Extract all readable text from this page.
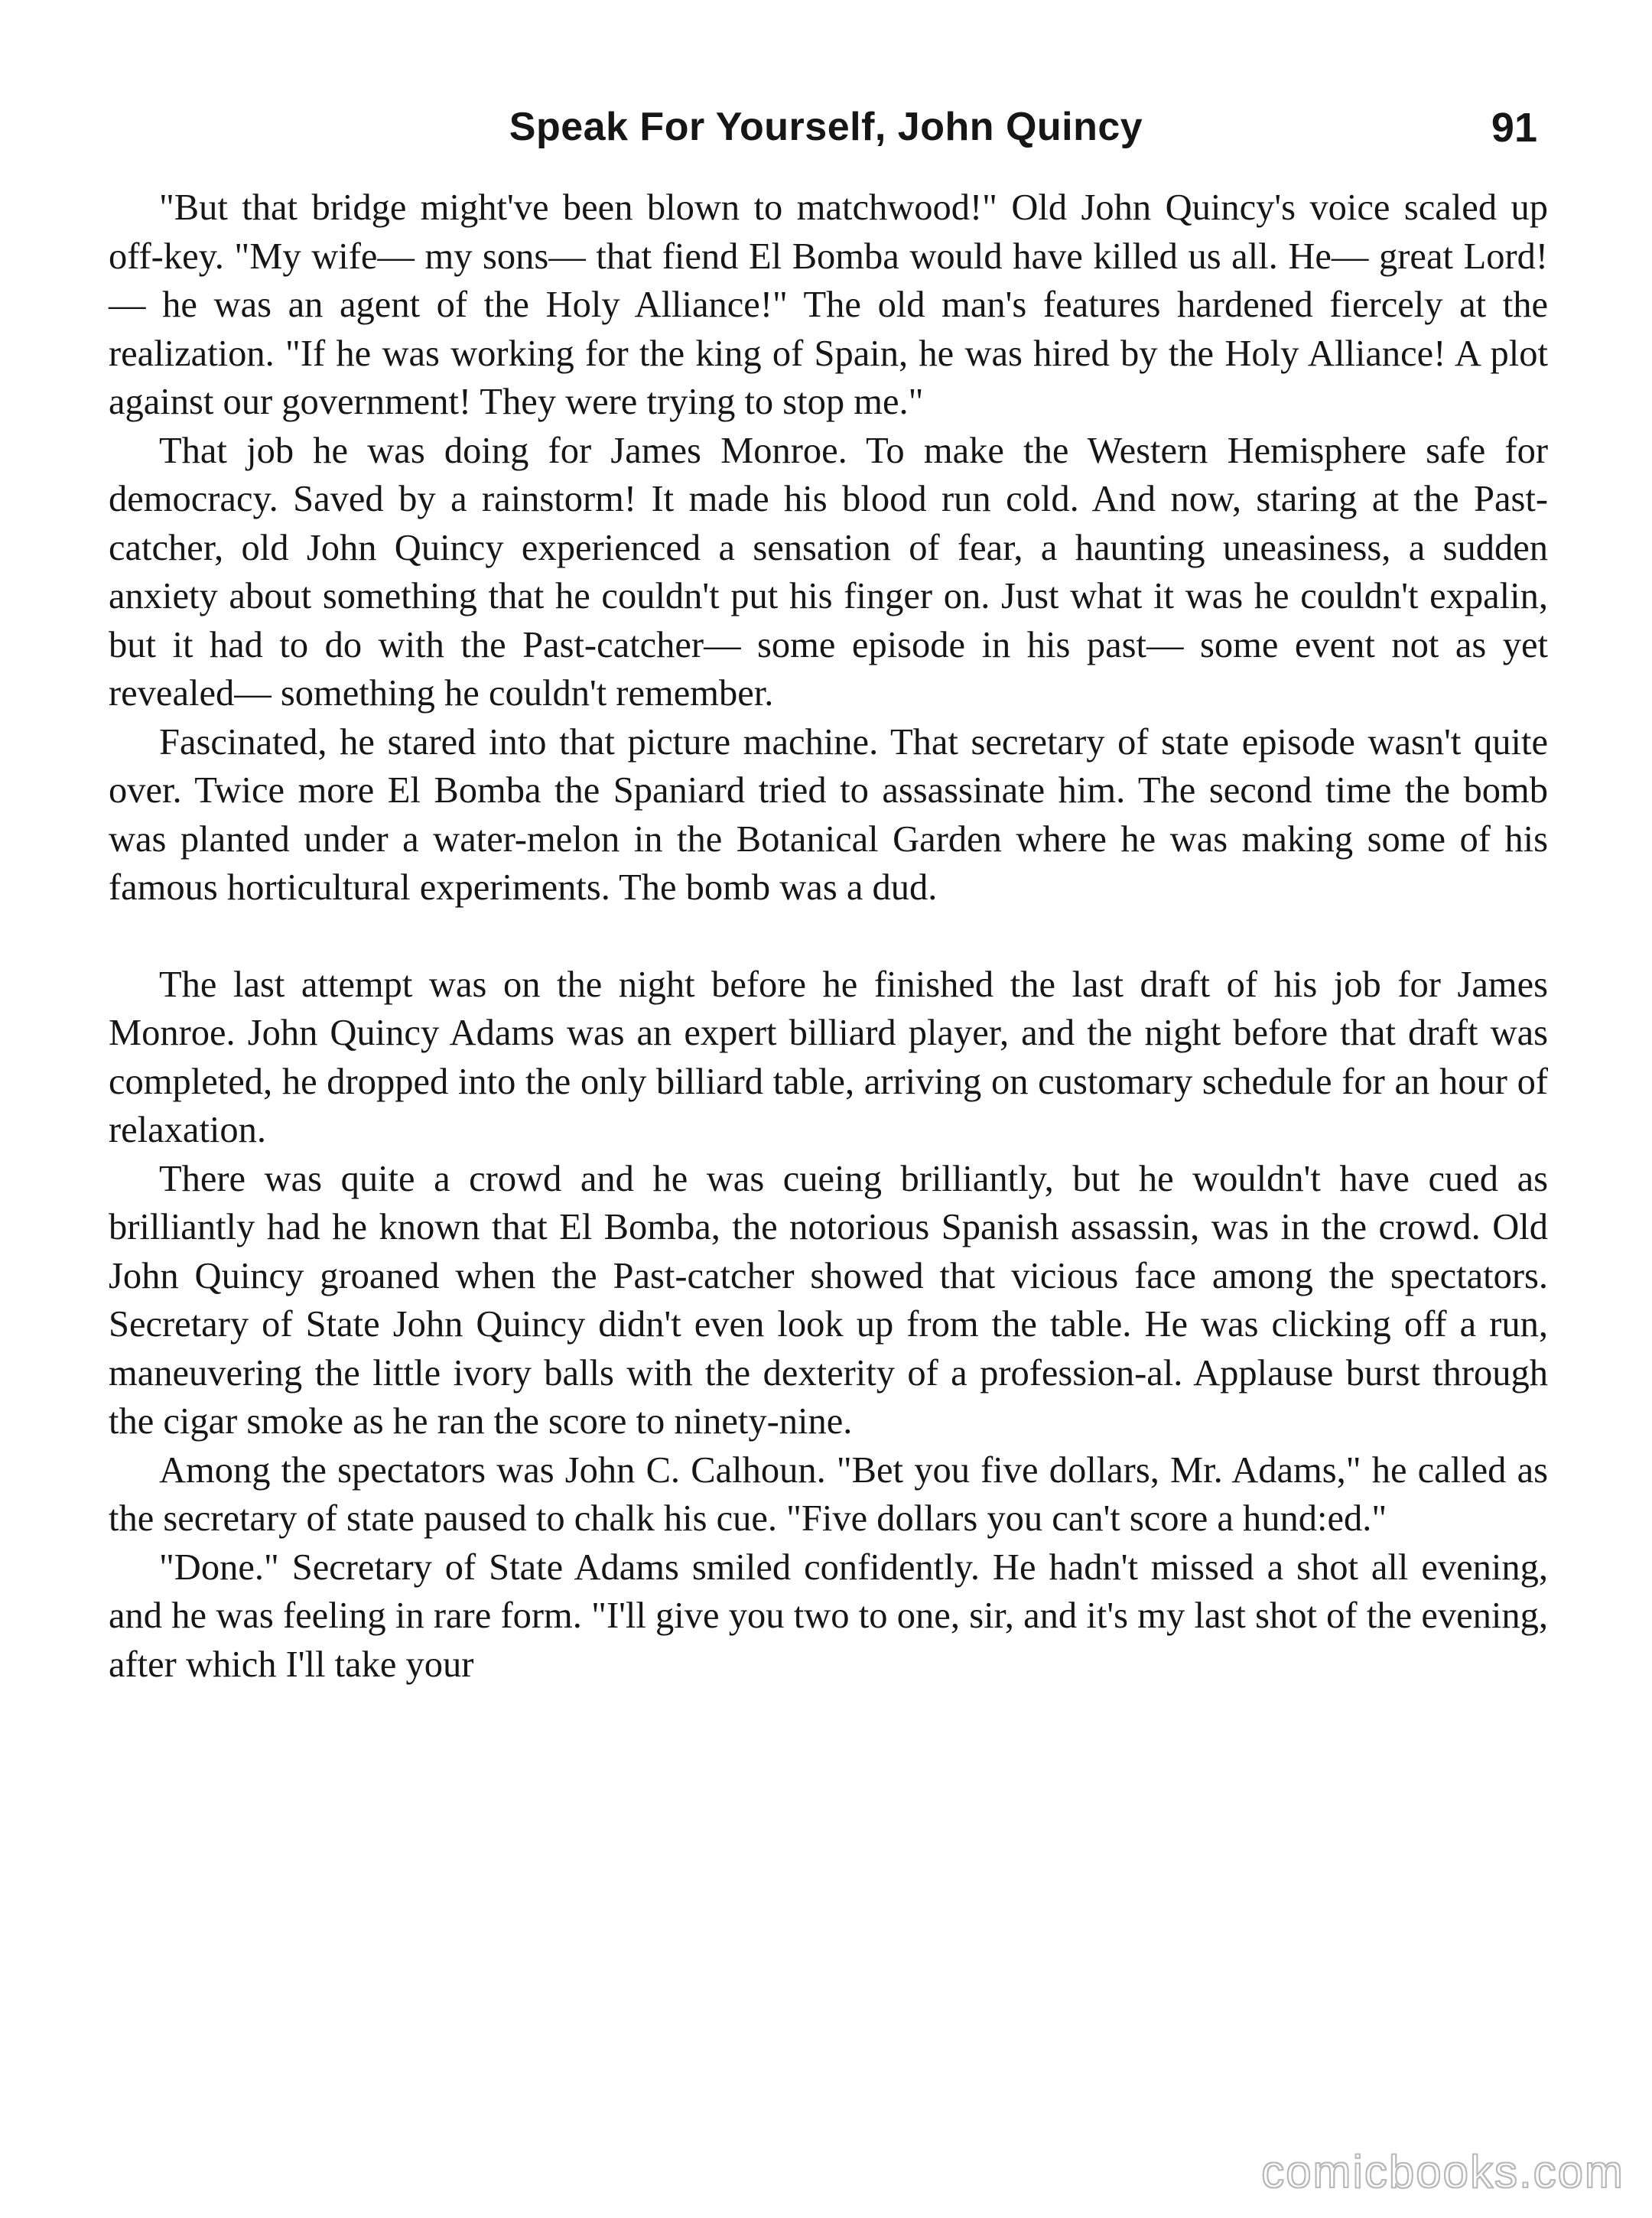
Speak For Yourself, John Quincy	91

"But that bridge might've been blown to matchwood!" Old John Quincy's voice scaled up off-key. "My wife— my sons— that fiend El Bomba would have killed us all. He— great Lord!— he was an agent of the Holy Alliance!" The old man's features hardened fiercely at the realization. "If he was working for the king of Spain, he was hired by the Holy Alliance! A plot against our government! They were trying to stop me."

That job he was doing for James Monroe. To make the Western Hemisphere safe for democracy. Saved by a rainstorm! It made his blood run cold. And now, staring at the Past-catcher, old John Quincy experienced a sensation of fear, a haunting uneasiness, a sudden anxiety about something that he couldn't put his finger on. Just what it was he couldn't expalin, but it had to do with the Past-catcher— some episode in his past— some event not as yet revealed— something he couldn't remember.

Fascinated, he stared into that picture machine. That secretary of state episode wasn't quite over. Twice more El Bomba the Spaniard tried to assassinate him. The second time the bomb was planted under a water-melon in the Botanical Garden where he was making some of his famous horticultural experiments. The bomb was a dud.

The last attempt was on the night before he finished the last draft of his job for James Monroe. John Quincy Adams was an expert billiard player, and the night before that draft was completed, he dropped into the only billiard table, arriving on customary schedule for an hour of relaxation.

There was quite a crowd and he was cueing brilliantly, but he wouldn't have cued as brilliantly had he known that El Bomba, the notorious Spanish assassin, was in the crowd. Old John Quincy groaned when the Past-catcher showed that vicious face among the spectators. Secretary of State John Quincy didn't even look up from the table. He was clicking off a run, maneuvering the little ivory balls with the dexterity of a profession-al. Applause burst through the cigar smoke as he ran the score to ninety-nine.

Among the spectators was John C. Calhoun. "Bet you five dollars, Mr. Adams," he called as the secretary of state paused to chalk his cue. "Five dollars you can't score a hund:ed."

"Done." Secretary of State Adams smiled confidently. He hadn't missed a shot all evening, and he was feeling in rare form. "I'll give you two to one, sir, and it's my last shot of the evening, after which I'll take your

comicbooks.com
